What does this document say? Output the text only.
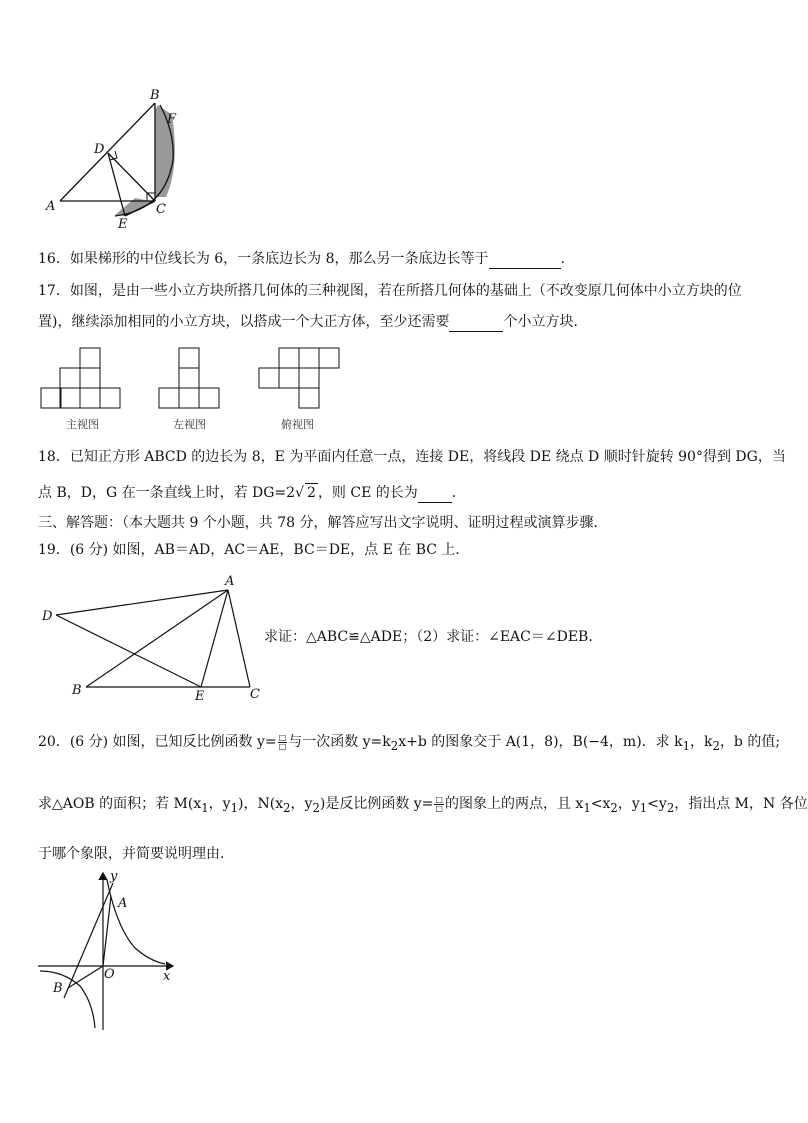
A
B
C
D
E
F
16．如果梯形的中位线长为 6，一条底边长为 8，那么另一条底边长等于	.
17．如图，是由一些小立方块所搭几何体的三种视图，若在所搭几何体的基础上（不改变原几何体中小立方块的位
置)，继续添加相同的小立方块，以搭成一个大正方体，至少还需要	个小立方块．
主视图	左视图	俯视图
18．已知正方形 ABCD 的边长为 8，E 为平面内任意一点，连接 DE，将线段 DE 绕点 D 顺时针旋转 90°得到 DG，当
点 B，D，G 在一条直线上时，若 DG=2√ 2 ，则 CE 的长为 ．
三、解答题：（本大题共 9 个小题，共 78 分，解答应写出文字说明、证明过程或演算步骤．
19．(6 分) 如图，AB＝AD，AC＝AE，BC＝DE，点 E 在 BC 上．
A
D
B	E	C
求证：△ABC≌△ADE；（2）求证：∠EAC＝∠DEB．
20．(6 分) 如图，已知反比例函数 $y= \frac{□}{□}$ 与一次函数 $y=k_2x+b$ 的图象交于 A(1，8)，B(−4，m)．求 $k_1$，$k_2$，b 的值;
求△AOB 的面积；若 $M(x_1$，$y_1$)，$N(x_2$，$y_2$)是反比例函数 $y= \frac{□}{□}$ 的图象上的两点，且 $x_1<x_2$，$y_1<y_2$，指出点 M，N 各位
于哪个象限，并简要说明理由．
y
x
O
A
B
